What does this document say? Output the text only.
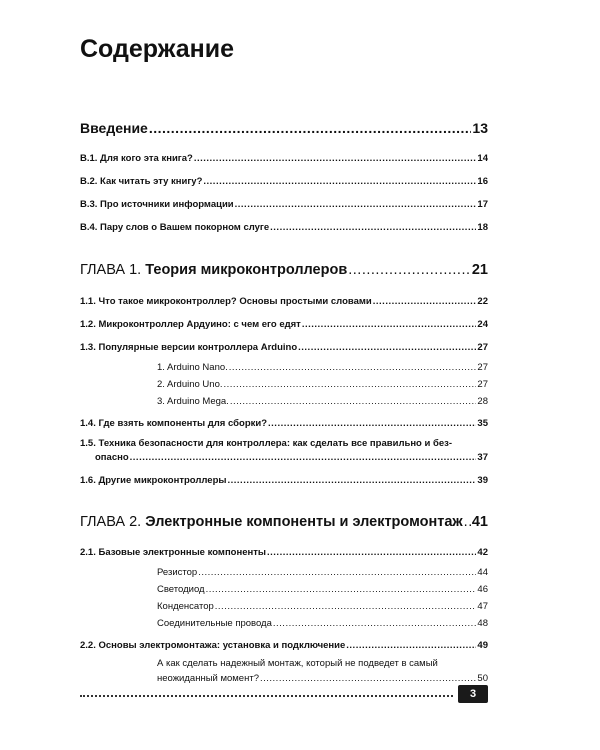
Содержание
Введение .....	13
В.1. Для кого эта книга? .....	14
В.2. Как читать эту книгу? .....	16
В.3. Про источники информации .....	17
В.4. Пару слов о Вашем покорном слуге .....	18
ГЛАВА 1. Теория микроконтроллеров .....	21
1.1. Что такое микроконтроллер? Основы простыми словами .....	22
1.2. Микроконтроллер Ардуино: с чем его едят .....	24
1.3. Популярные версии контроллера Arduino .....	27
1. Arduino Nano. .....	27
2. Arduino Uno. .....	27
3. Arduino Mega. .....	28
1.4. Где взять компоненты для сборки? .....	35
1.5. Техника безопасности для контроллера: как сделать все правильно и без-
опасно .....	37
1.6. Другие микроконтроллеры .....	39
ГЛАВА 2. Электронные компоненты и электромонтаж ..... 41
2.1. Базовые электронные компоненты .....	42
Резистор .....	44
Светодиод .....	46
Конденсатор .....	47
Соединительные провода .....	48
2.2. Основы электромонтажа: установка и подключение .....	49
А как сделать надежный монтаж, который не подведет в самый
неожиданный момент? .....	50
3
